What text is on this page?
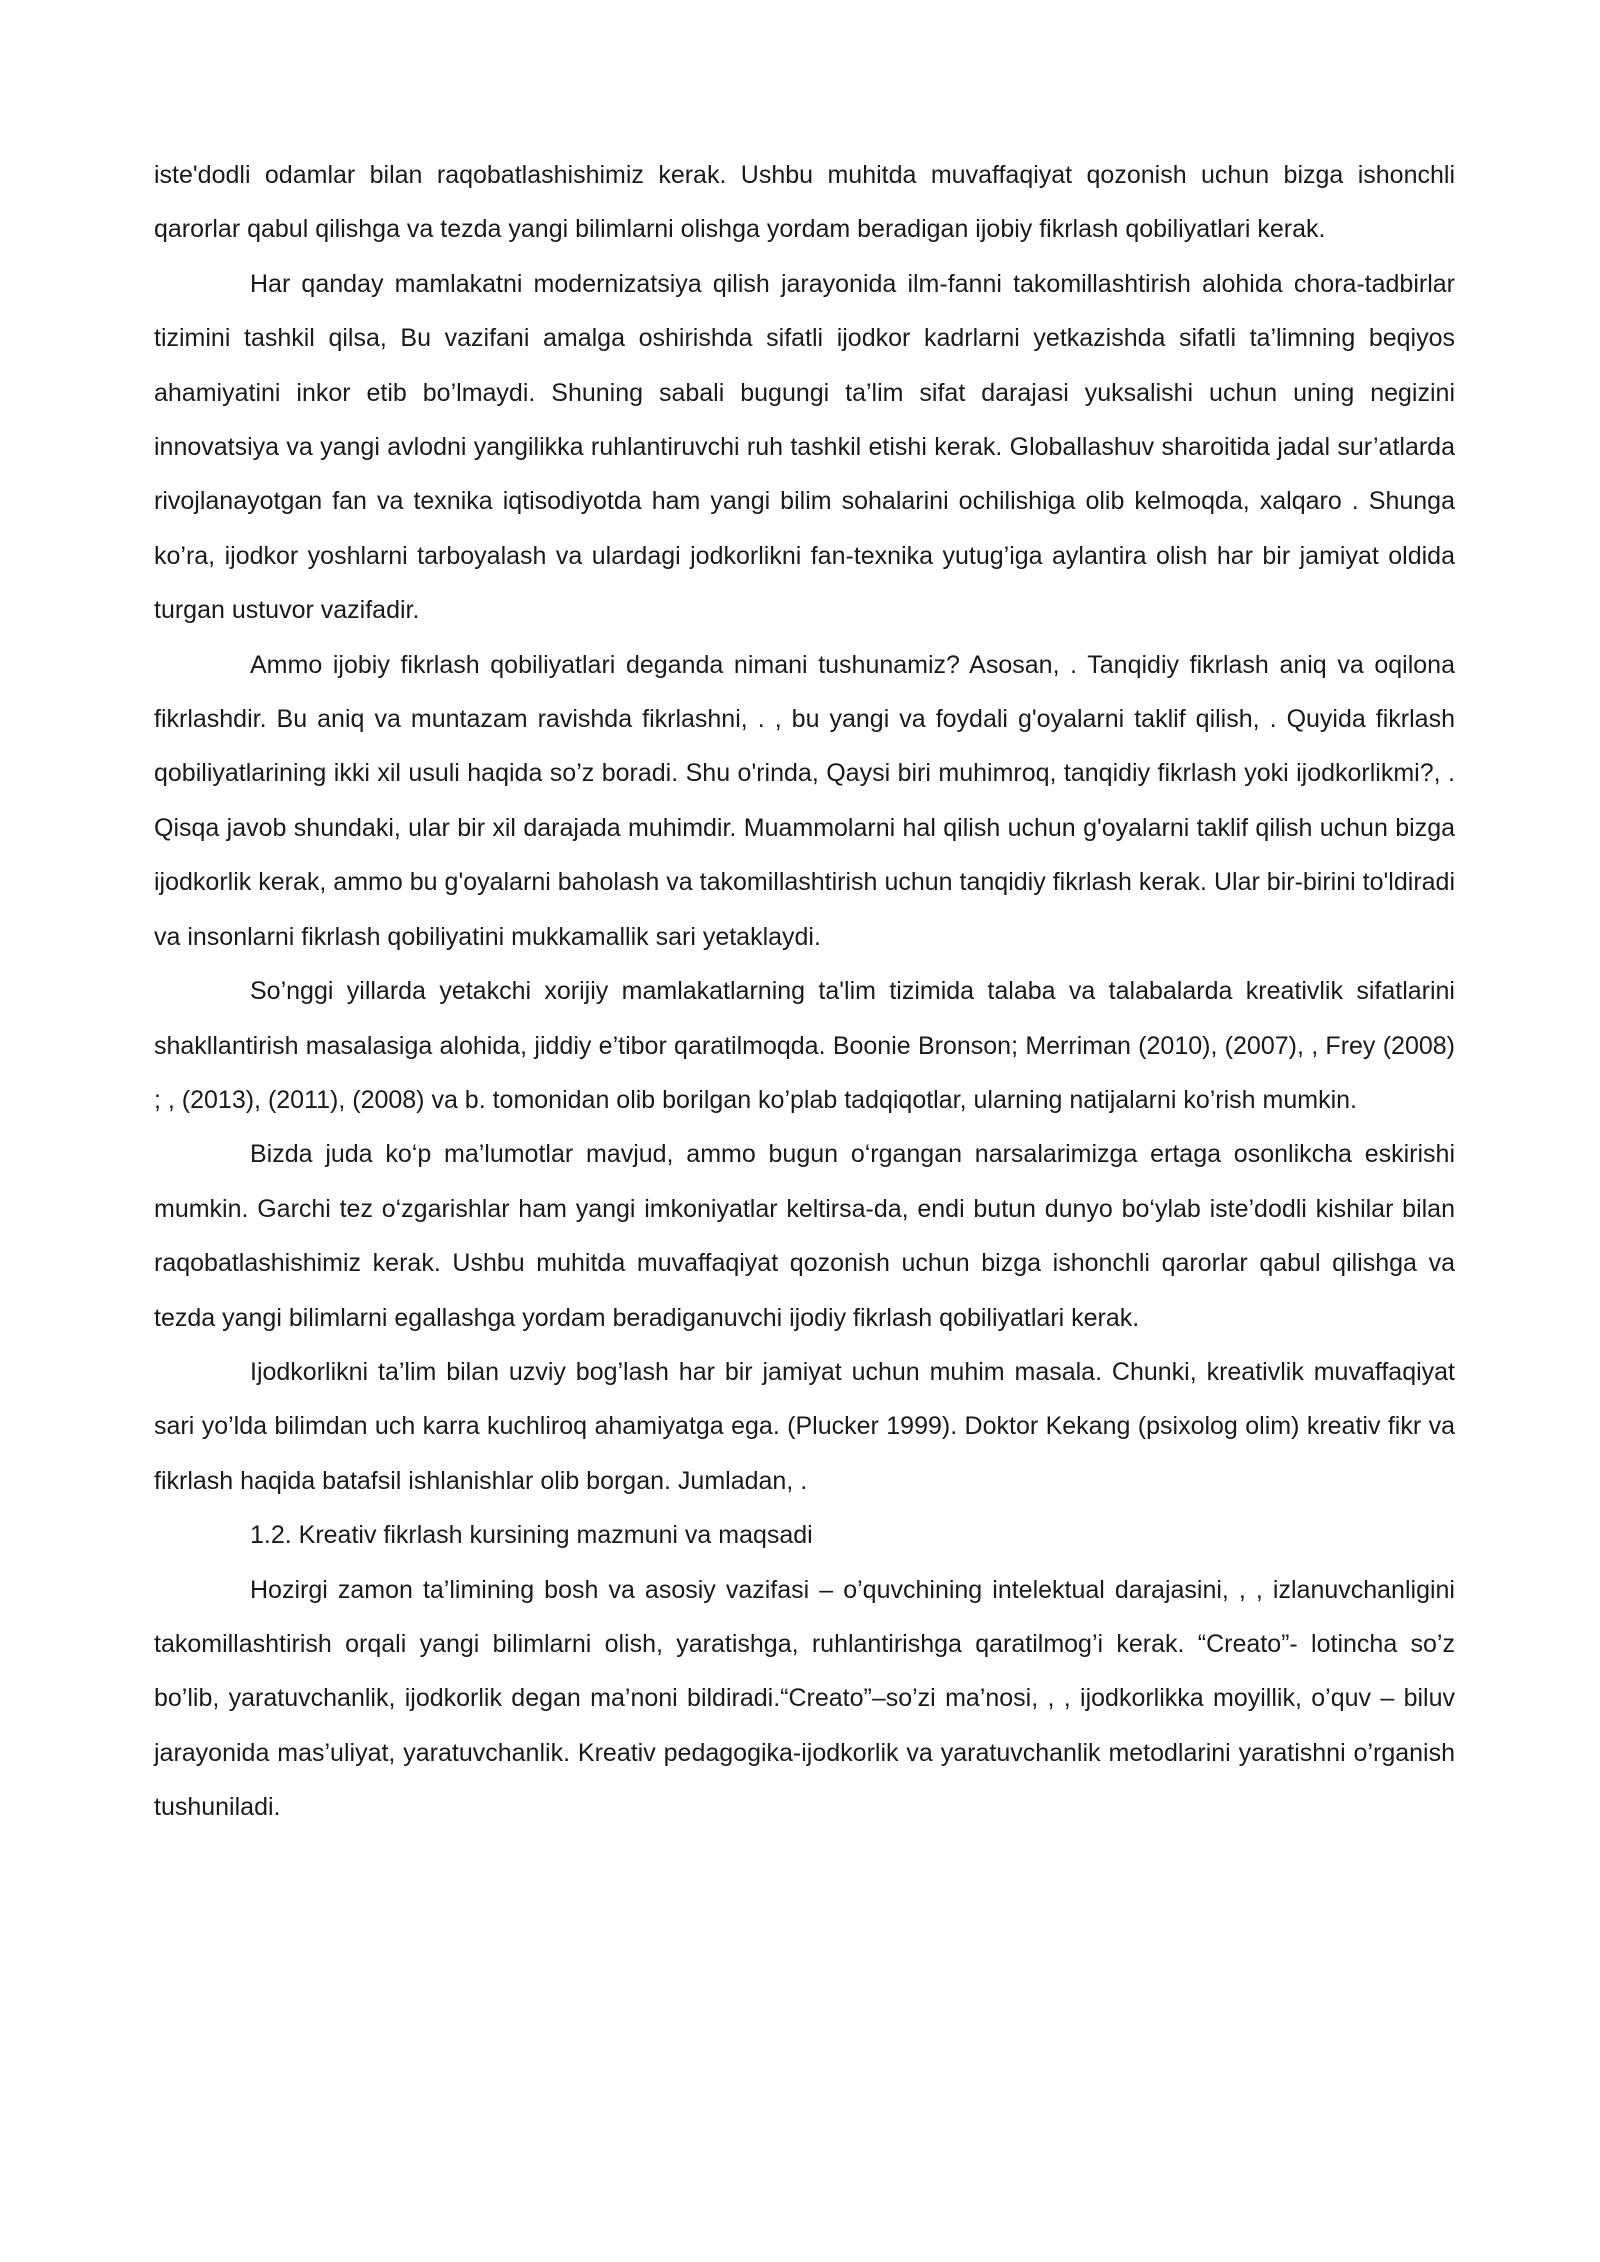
iste'dodli odamlar bilan raqobatlashishimiz kerak. Ushbu muhitda muvaffaqiyat qozonish uchun bizga ishonchli qarorlar qabul qilishga va tezda yangi bilimlarni olishga yordam beradigan ijobiy fikrlash qobiliyatlari kerak.

Har qanday mamlakatni modernizatsiya qilish jarayonida ilm-fanni takomillashtirish alohida chora-tadbirlar tizimini tashkil qilsa, Bu vazifani amalga oshirishda sifatli ijodkor kadrlarni yetkazishda sifatli ta’limning beqiyos ahamiyatini inkor etib bo’lmaydi. Shuning sabali bugungi ta’lim sifat darajasi yuksalishi uchun uning negizini innovatsiya va yangi avlodni yangilikka ruhlantiruvchi ruh tashkil etishi kerak. Globallashuv sharoitida jadal sur’atlarda rivojlanayotgan fan va texnika iqtisodiyotda ham yangi bilim sohalarini ochilishiga olib kelmoqda, xalqaro . Shunga ko’ra, ijodkor yoshlarni tarboyalash va ulardagi jodkorlikni fan-texnika yutug’iga aylantira olish har bir jamiyat oldida turgan ustuvor vazifadir.

Ammo ijobiy fikrlash qobiliyatlari deganda nimani tushunamiz? Asosan, . Tanqidiy fikrlash aniq va oqilona fikrlashdir. Bu aniq va muntazam ravishda fikrlashni, . , bu yangi va foydali g'oyalarni taklif qilish, . Quyida fikrlash qobiliyatlarining ikki xil usuli haqida so’z boradi. Shu o'rinda, Qaysi biri muhimroq, tanqidiy fikrlash yoki ijodkorlikmi?, . Qisqa javob shundaki, ular bir xil darajada muhimdir. Muammolarni hal qilish uchun g'oyalarni taklif qilish uchun bizga ijodkorlik kerak, ammo bu g'oyalarni baholash va takomillashtirish uchun tanqidiy fikrlash kerak. Ular bir-birini to'ldiradi va insonlarni fikrlash qobiliyatini mukkamallik sari yetaklaydi.

So’nggi yillarda yetakchi xorijiy mamlakatlarning ta'lim tizimida talaba va talabalarda kreativlik sifatlarini shakllantirish masalasiga alohida, jiddiy e’tibor qaratilmoqda. Boonie Bronson; Merriman (2010), (2007), , Frey (2008) ; , (2013), (2011), (2008) va b. tomonidan olib borilgan ko’plab tadqiqotlar, ularning natijalarni ko’rish mumkin.

Bizda juda ko‘p ma’lumotlar mavjud, ammo bugun o‘rgangan narsalarimizga ertaga osonlikcha eskirishi mumkin. Garchi tez o‘zgarishlar ham yangi imkoniyatlar keltirsa-da, endi butun dunyo bo‘ylab iste’dodli kishilar bilan raqobatlashishimiz kerak. Ushbu muhitda muvaffaqiyat qozonish uchun bizga ishonchli qarorlar qabul qilishga va tezda yangi bilimlarni egallashga yordam beradiganuvchi ijodiy fikrlash qobiliyatlari kerak.

Ijodkorlikni ta’lim bilan uzviy bog’lash har bir jamiyat uchun muhim masala. Chunki, kreativlik muvaffaqiyat sari yo’lda bilimdan uch karra kuchliroq ahamiyatga ega. (Plucker 1999). Doktor Kekang (psixolog olim) kreativ fikr va fikrlash haqida batafsil ishlanishlar olib borgan. Jumladan, .

1.2. Kreativ fikrlash kursining mazmuni va maqsadi

Hozirgi zamon ta’limining bosh va asosiy vazifasi – o’quvchining intelektual darajasini, , , izlanuvchanligini takomillashtirish orqali yangi bilimlarni olish, yaratishga, ruhlantirishga qaratilmog’i kerak. “Creato”- lotincha so’z bo’lib, yaratuvchanlik, ijodkorlik degan ma’noni bildiradi.“Creato”–so’zi ma’nosi, , , ijodkorlikka moyillik, o’quv – biluv jarayonida mas’uliyat, yaratuvchanlik. Kreativ pedagogika-ijodkorlik va yaratuvchanlik metodlarini yaratishni o’rganish tushuniladi.
